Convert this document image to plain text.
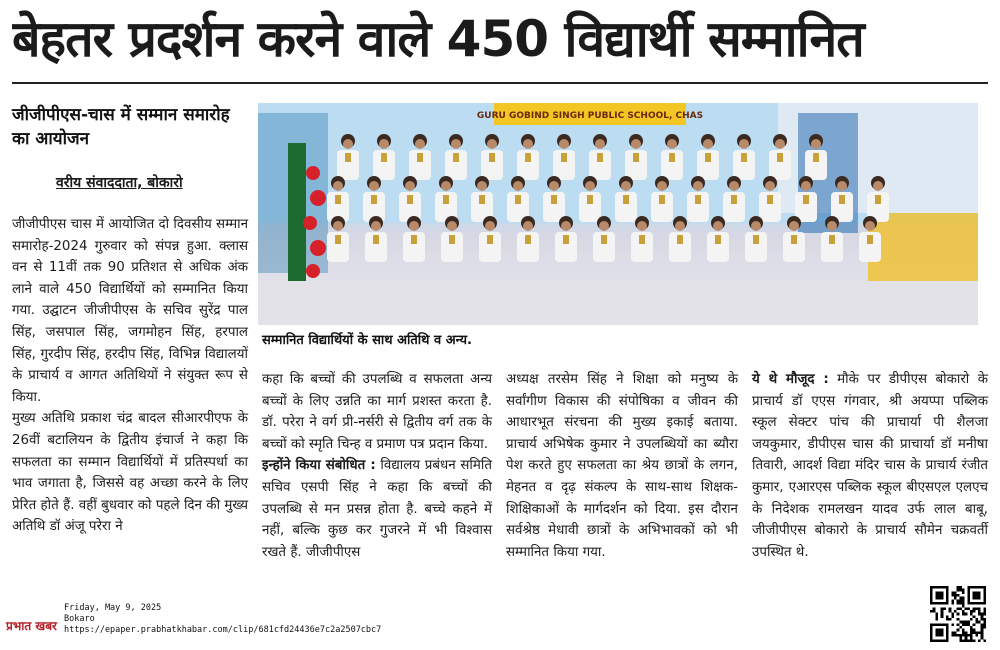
बेहतर प्रदर्शन करने वाले 450 विद्यार्थी सम्मानित
जीजीपीएस-चास में सम्मान समारोह का आयोजन
वरीय संवाददाता, बोकारो

जीजीपीएस चास में आयोजित दो दिवसीय सम्मान समारोह-2024 गुरुवार को संपन्न हुआ. क्लास वन से 11वीं तक 90 प्रतिशत से अधिक अंक लाने वाले 450 विद्यार्थियों को सम्मानित किया गया. उद्घाटन जीजीपीएस के सचिव सुरेंद्र पाल सिंह, जसपाल सिंह, जगमोहन सिंह, हरपाल सिंह, गुरदीप सिंह, हरदीप सिंह, विभिन्न विद्यालयों के प्राचार्य व आगत अतिथियों ने संयुक्त रूप से किया.

मुख्य अतिथि प्रकाश चंद्र बादल सीआरपीएफ के 26वीं बटालियन के द्वितीय इंचार्ज ने कहा कि सफलता का सम्मान विद्यार्थियों में प्रतिस्पर्धा का भाव जगाता है, जिससे वह अच्छा करने के लिए प्रेरित होते हैं. वहीं बुधवार को पहले दिन की मुख्य अतिथि डॉ अंजू परेरा ने

GURU GOBIND SINGH PUBLIC SCHOOL, CHAS
सम्मानित विद्यार्थियों के साथ अतिथि व अन्य.

कहा कि बच्चों की उपलब्धि व सफलता अन्य बच्चों के लिए उन्नति का मार्ग प्रशस्त करता है. डॉ. परेरा ने वर्ग प्री-नर्सरी से द्वितीय वर्ग तक के बच्चों को स्मृति चिन्ह व प्रमाण पत्र प्रदान किया.

इन्होंने किया संबोधित : विद्यालय प्रबंधन समिति सचिव एसपी सिंह ने कहा कि बच्चों की उपलब्धि से मन प्रसन्न होता है. बच्चे कहने में नहीं, बल्कि कुछ कर गुजरने में भी विश्वास रखते हैं. जीजीपीएस

अध्यक्ष तरसेम सिंह ने शिक्षा को मनुष्य के सर्वांगीण विकास की संपोषिका व जीवन की आधारभूत संरचना की मुख्य इकाई बताया. प्राचार्य अभिषेक कुमार ने उपलब्धियों का ब्यौरा पेश करते हुए सफलता का श्रेय छात्रों के लगन, मेहनत व दृढ़ संकल्प के साथ-साथ शिक्षक-शिक्षिकाओं के मार्गदर्शन को दिया. इस दौरान सर्वश्रेष्ठ मेधावी छात्रों के अभिभावकों को भी सम्मानित किया गया.

ये थे मौजूद : मौके पर डीपीएस बोकारो के प्राचार्य डॉ एएस गंगवार, श्री अयप्पा पब्लिक स्कूल सेक्टर पांच की प्राचार्या पी शैलजा जयकुमार, डीपीएस चास की प्राचार्या डॉ मनीषा तिवारी, आदर्श विद्या मंदिर चास के प्राचार्य रंजीत कुमार, एआरएस पब्लिक स्कूल बीएसएल एलएच के निदेशक रामलखन यादव उर्फ लाल बाबू, जीजीपीएस बोकारो के प्राचार्य सौमेन चक्रवर्ती उपस्थित थे.

प्रभात खबर
Friday, May 9, 2025
Bokaro
https://epaper.prabhatkhabar.com/clip/681cfd24436e7c2a2507cbc7
